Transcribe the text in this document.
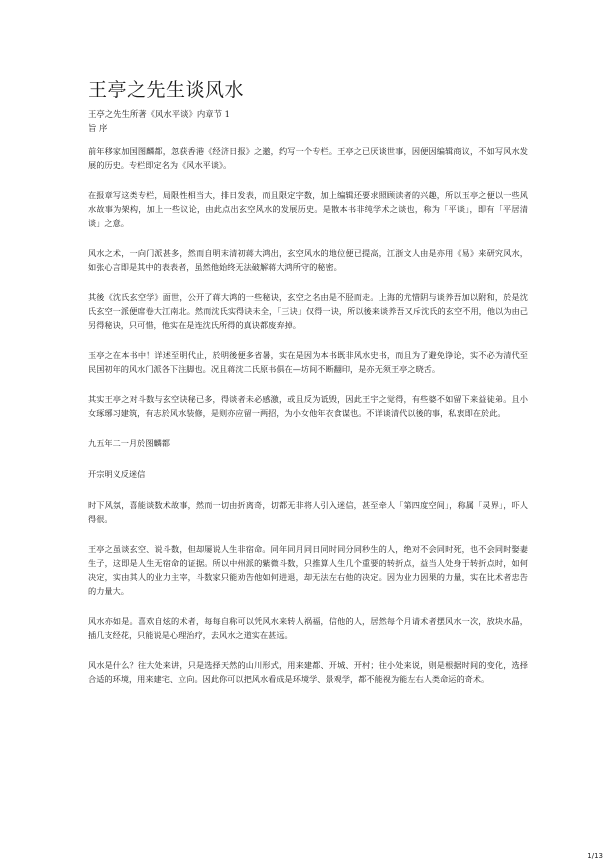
王亭之先生谈风水

王亭之先生所著《风水平谈》内章节 1

旨 序

前年移家加国图麟都，忽获香港《经济日报》之邀，约写一个专栏。王亭之已厌谈世事，因便因编辑商议，不如写风水发展的历史。专栏即定名为《风水平谈》。

在报章写这类专栏，局限性相当大，排日发表，而且限定字数，加上编辑还要求照顾读者的兴趣，所以玉亭之便以一些风水故事为架构，加上一些议论，由此点出玄空风水的发展历史。是散本书非纯学术之谈也，称为「平谈」，即有「平居清谈」之意。

风水之术，一向门派甚多，然而自明末清初蒋大鸿出，玄空风水的地位便已提高，江浙文人由是亦用《易》来研究风水，如张心言即是其中的表表者，虽然他始终无法破解蒋大鸿所守的秘密。

其後《沈氏玄空学》面世，公开了蒋大鸿的一些秘诀，玄空之名由是不胫而走。上海的尤惜阴与谈养吾加以附和，於是沈氏玄空一派便席卷大江南北。然而沈氏实得诀未全，「三诀」仅得一诀，所以後来谈养吾又斥沈氏的玄空不用，他以为由己另得秘诀，只可惜，他实在是连沈氏所得的真诀都废弃掉。

玉亭之在本书中！详述至明代止，於明後便多省暑，实在是因为本书既非风水史书，而且为了避免诤论，实不必为清代至民国初年的风水门派各下注脚也。况且蒋沈二氏原书俱在—坊间不断翻印，是亦无须王亭之晓舌。

其实王亭之对斗数与玄空诀秘已多，得谈者未必感激，或且反为诋毁，因此王宇之觉得，有些婆不如留下来益徒弟。且小女琢琊习建筑，有志於风水装修，是则亦应留一两招，为小女他年衣食谋也。不详谈清代以後的事，私衷即在於此。

九五年二一月於图麟都

开宗明义反迷信

时下风氛，喜能谈数术故事，然而一切由折离奇，切都无非将人引入迷信，甚至牵人「第四度空间」，称属「灵界」，吓人得很。

王亭之虽谈玄空、说斗数，但却屡说人生非宿命。同年同月同日同时同分同秒生的人，绝对不会同时死，也不会同时娶妻生子，这即是人生无宿命的证据。所以中州派的紫微斗数，只推算人生几个重要的转折点，益当人处身于转折点时，如何决定，实由其人的业力主宰，斗数家只能劝告他如何进退，却无法左右他的决定。因为业力因果的力量，实在比术者忠告的力量大。

风水亦如是。喜欢自炫的术者，每每自称可以凭风水来转人祸福，信他的人，居然每个月请术者摆风水一次，放块水晶，插几支经花，只能说是心理治疗，去风水之道实在甚远。

风水是什么？往大处来讲，只是选择天然的山川形式，用来建都、开城、开村；往小处来说，则是根据时间的变化，选择合适的环境，用来建宅、立向。因此你可以把风水看成是环境学、景观学，都不能视为能左右人类命运的奇术。

1/13
